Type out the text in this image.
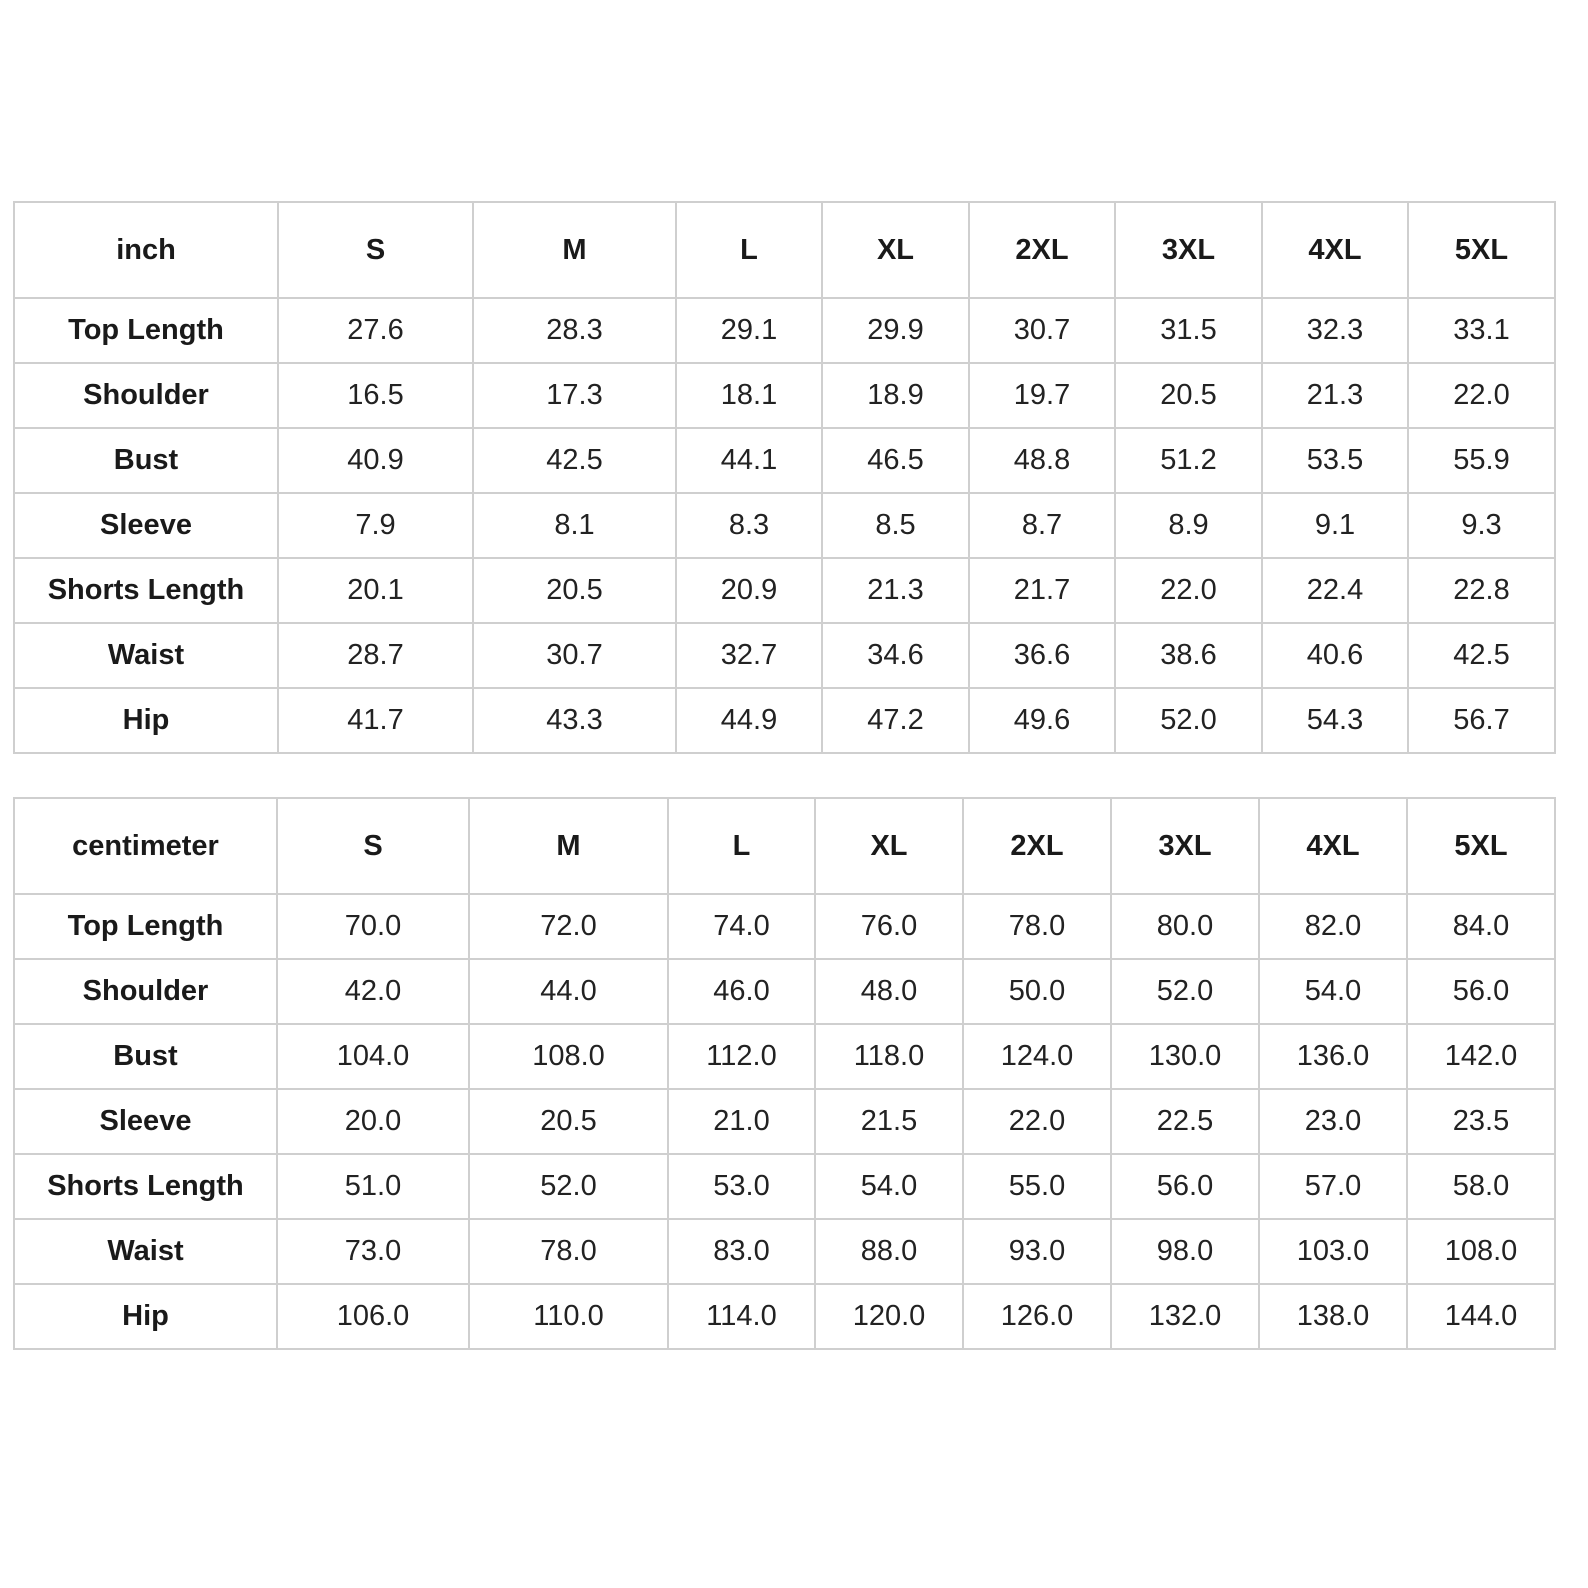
inch	S	M	L	XL	2XL	3XL	4XL	5XL
Top Length	27.6	28.3	29.1	29.9	30.7	31.5	32.3	33.1
Shoulder	16.5	17.3	18.1	18.9	19.7	20.5	21.3	22.0
Bust	40.9	42.5	44.1	46.5	48.8	51.2	53.5	55.9
Sleeve	7.9	8.1	8.3	8.5	8.7	8.9	9.1	9.3
Shorts Length	20.1	20.5	20.9	21.3	21.7	22.0	22.4	22.8
Waist	28.7	30.7	32.7	34.6	36.6	38.6	40.6	42.5
Hip	41.7	43.3	44.9	47.2	49.6	52.0	54.3	56.7
centimeter	S	M	L	XL	2XL	3XL	4XL	5XL
Top Length	70.0	72.0	74.0	76.0	78.0	80.0	82.0	84.0
Shoulder	42.0	44.0	46.0	48.0	50.0	52.0	54.0	56.0
Bust	104.0	108.0	112.0	118.0	124.0	130.0	136.0	142.0
Sleeve	20.0	20.5	21.0	21.5	22.0	22.5	23.0	23.5
Shorts Length	51.0	52.0	53.0	54.0	55.0	56.0	57.0	58.0
Waist	73.0	78.0	83.0	88.0	93.0	98.0	103.0	108.0
Hip	106.0	110.0	114.0	120.0	126.0	132.0	138.0	144.0
